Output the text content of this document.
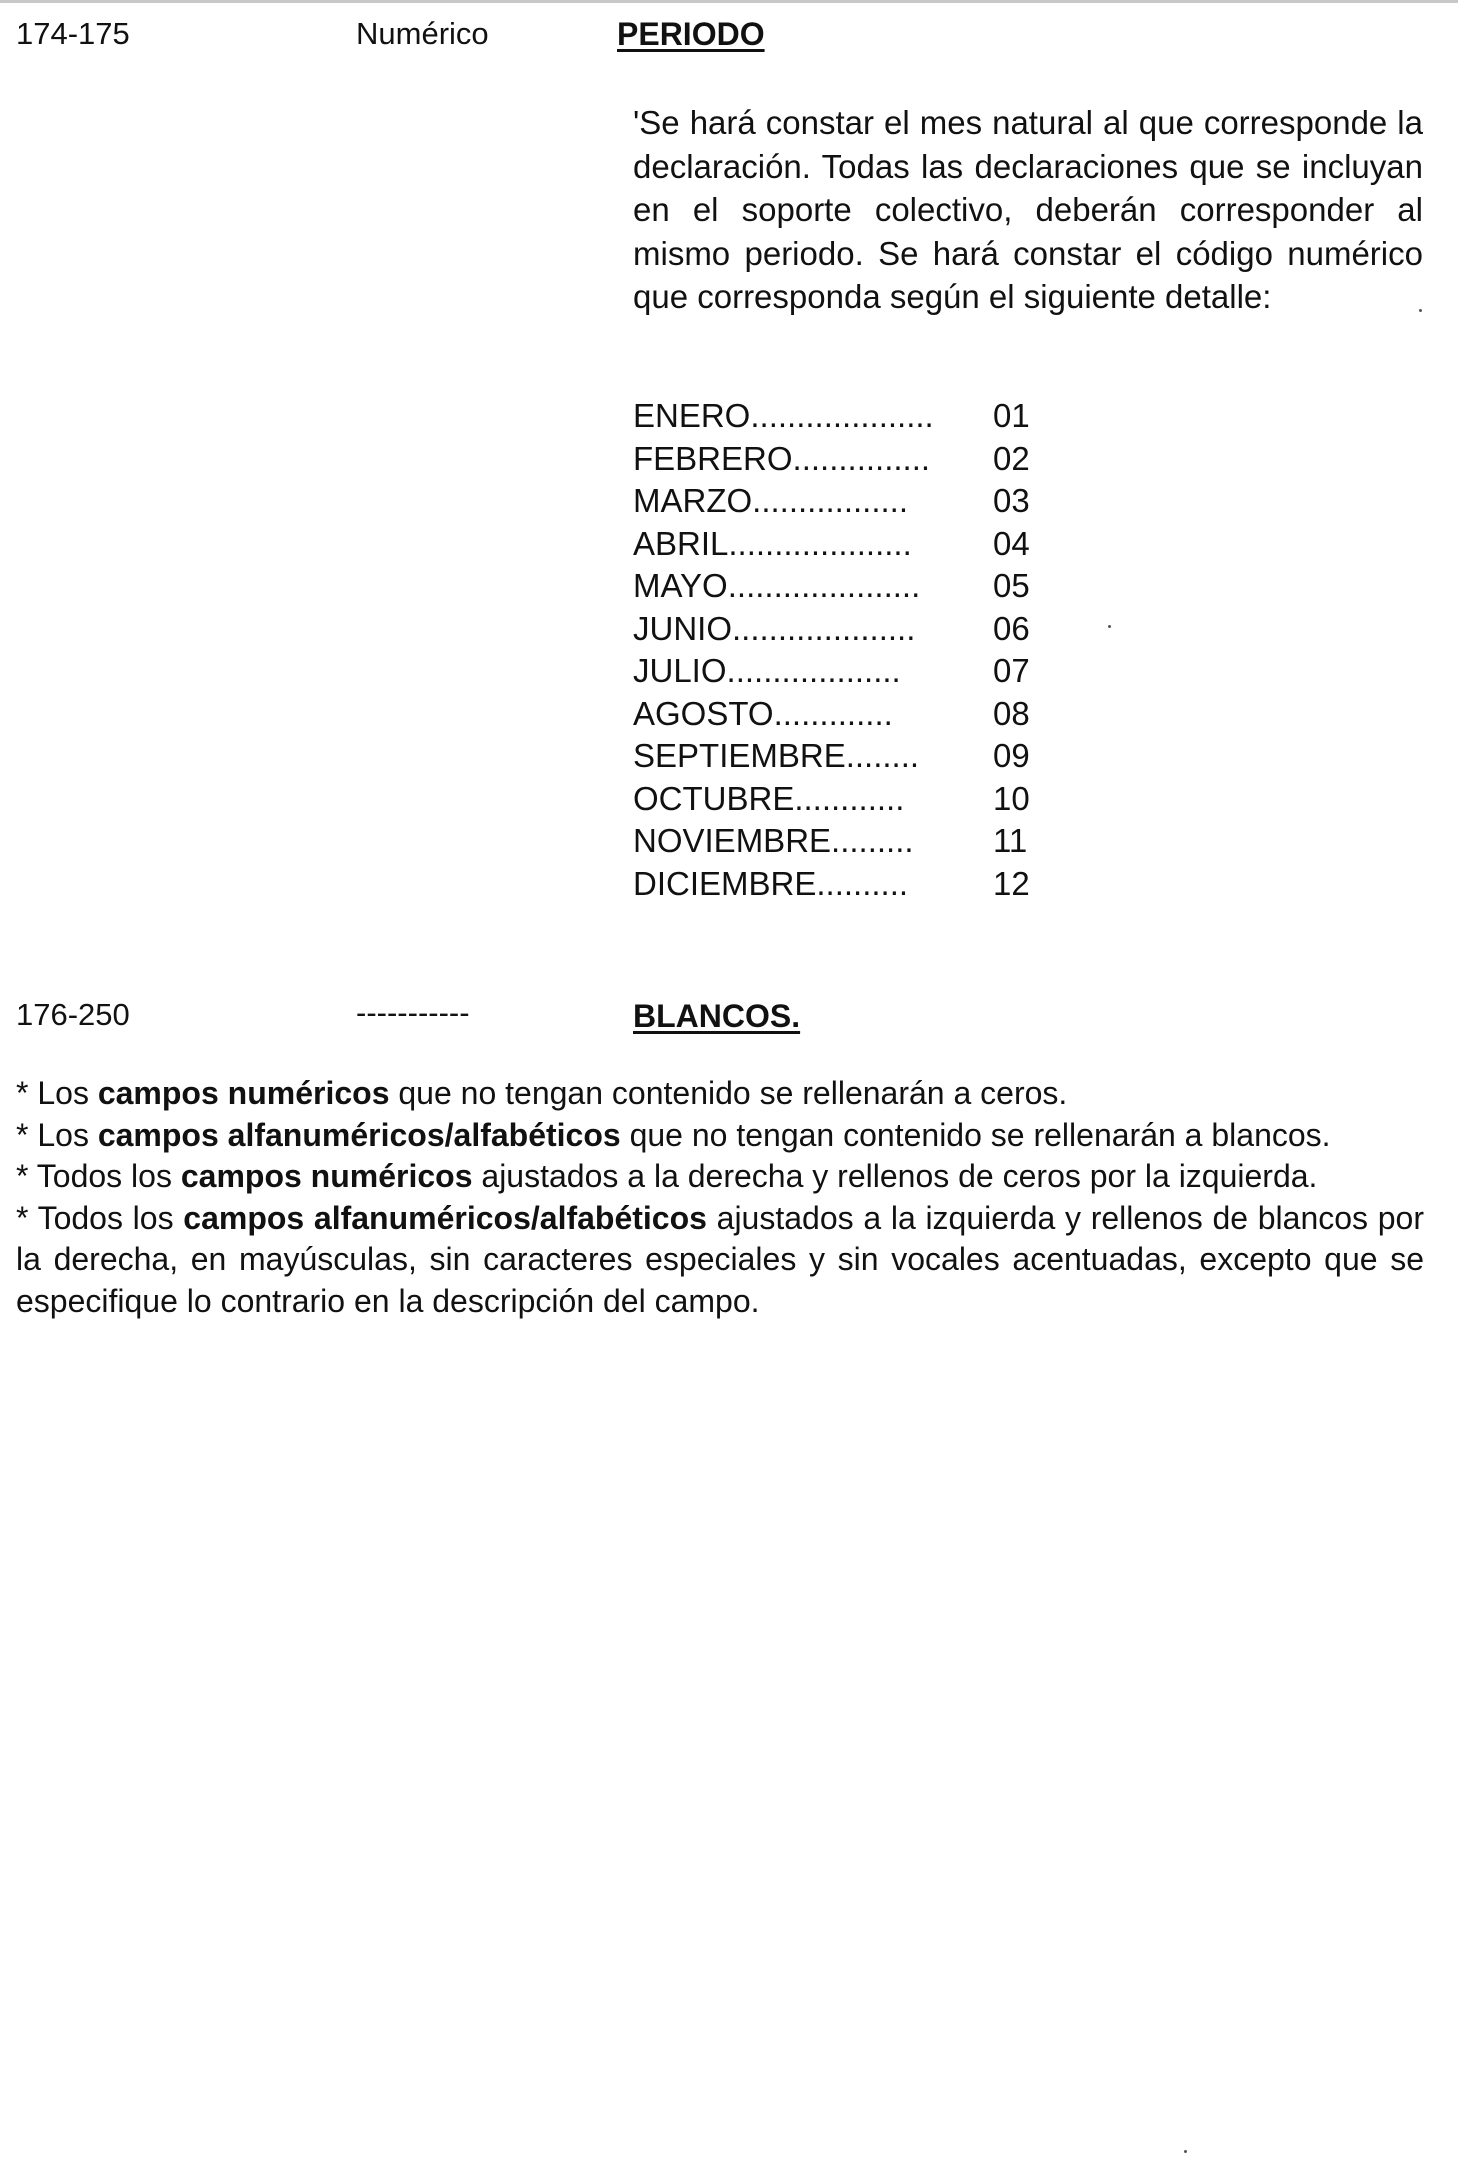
174-175	Numérico	PERIODO
'Se hará constar el mes natural al que corresponde la declaración. Todas las declaraciones que se incluyan en el soporte colectivo, deberán corresponder al mismo periodo. Se hará constar el código numérico que corresponda según el siguiente detalle:
ENERO....................	01
FEBRERO...............	02
MARZO.................	03
ABRIL....................	04
MAYO.....................	05
JUNIO....................	06
JULIO...................	07
AGOSTO.............	08
SEPTIEMBRE........	09
OCTUBRE............	10
NOVIEMBRE.........	11
DICIEMBRE..........	12
176-250	-----------	BLANCOS.

* Los campos numéricos que no tengan contenido se rellenarán a ceros.

* Los campos alfanuméricos/alfabéticos que no tengan contenido se rellenarán a blancos.

* Todos los campos numéricos ajustados a la derecha y rellenos de ceros por la izquierda.

* Todos los campos alfanuméricos/alfabéticos ajustados a la izquierda y rellenos de blancos por la derecha, en mayúsculas, sin caracteres especiales y sin vocales acentuadas, excepto que se especifique lo contrario en la descripción del campo.
